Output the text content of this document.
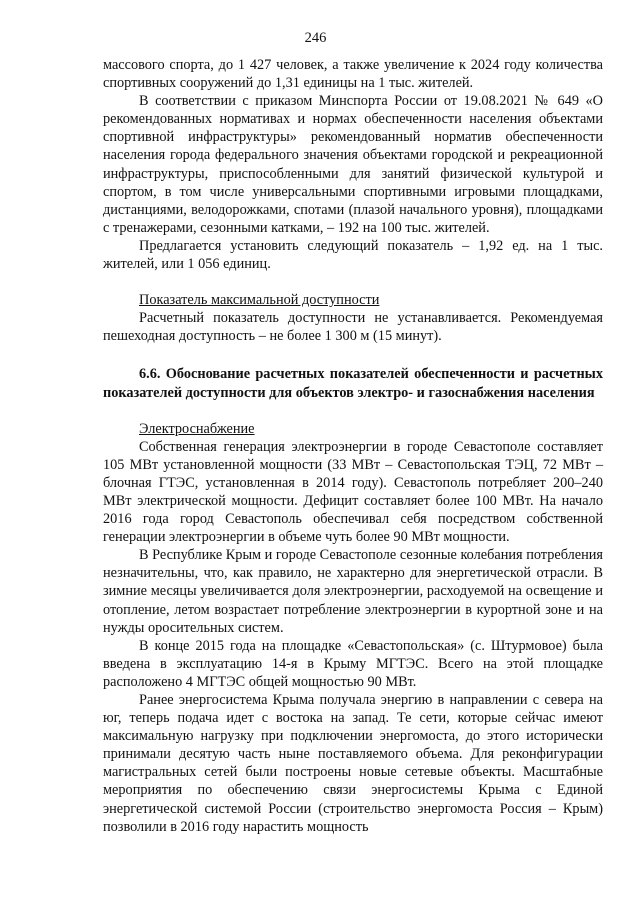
246

массового спорта, до 1 427 человек, а также увеличение к 2024 году количества спортивных сооружений до 1,31 единицы на 1 тыс. жителей.

В соответствии с приказом Минспорта России от 19.08.2021 № 649 «О рекомендованных нормативах и нормах обеспеченности населения объектами спортивной инфраструктуры» рекомендованный норматив обеспеченности населения города федерального значения объектами городской и рекреационной инфраструктуры, приспособленными для занятий физической культурой и спортом, в том числе универсальными спортивными игровыми площадками, дистанциями, велодорожками, спотами (плазой начального уровня), площадками с тренажерами, сезонными катками, – 192 на 100 тыс. жителей.

Предлагается установить следующий показатель – 1,92 ед. на 1 тыс. жителей, или 1 056 единиц.

Показатель максимальной доступности

Расчетный показатель доступности не устанавливается. Рекомендуемая пешеходная доступность – не более 1 300 м (15 минут).

6.6. Обоснование расчетных показателей обеспеченности и расчетных показателей доступности для объектов электро- и газоснабжения населения

Электроснабжение

Собственная генерация электроэнергии в городе Севастополе составляет 105 МВт установленной мощности (33 МВт – Севастопольская ТЭЦ, 72 МВт – блочная ГТЭС, установленная в 2014 году). Севастополь потребляет 200–240 МВт электрической мощности. Дефицит составляет более 100 МВт. На начало 2016 года город Севастополь обеспечивал себя посредством собственной генерации электроэнергии в объеме чуть более 90 МВт мощности.

В Республике Крым и городе Севастополе сезонные колебания потребления незначительны, что, как правило, не характерно для энергетической отрасли. В зимние месяцы увеличивается доля электроэнергии, расходуемой на освещение и отопление, летом возрастает потребление электроэнергии в курортной зоне и на нужды оросительных систем.

В конце 2015 года на площадке «Севастопольская» (с. Штурмовое) была введена в эксплуатацию 14-я в Крыму МГТЭС. Всего на этой площадке расположено 4 МГТЭС общей мощностью 90 МВт.

Ранее энергосистема Крыма получала энергию в направлении с севера на юг, теперь подача идет с востока на запад. Те сети, которые сейчас имеют максимальную нагрузку при подключении энергомоста, до этого исторически принимали десятую часть ныне поставляемого объема. Для реконфигурации магистральных сетей были построены новые сетевые объекты. Масштабные мероприятия по обеспечению связи энергосистемы Крыма с Единой энергетической системой России (строительство энергомоста Россия – Крым) позволили в 2016 году нарастить мощность
